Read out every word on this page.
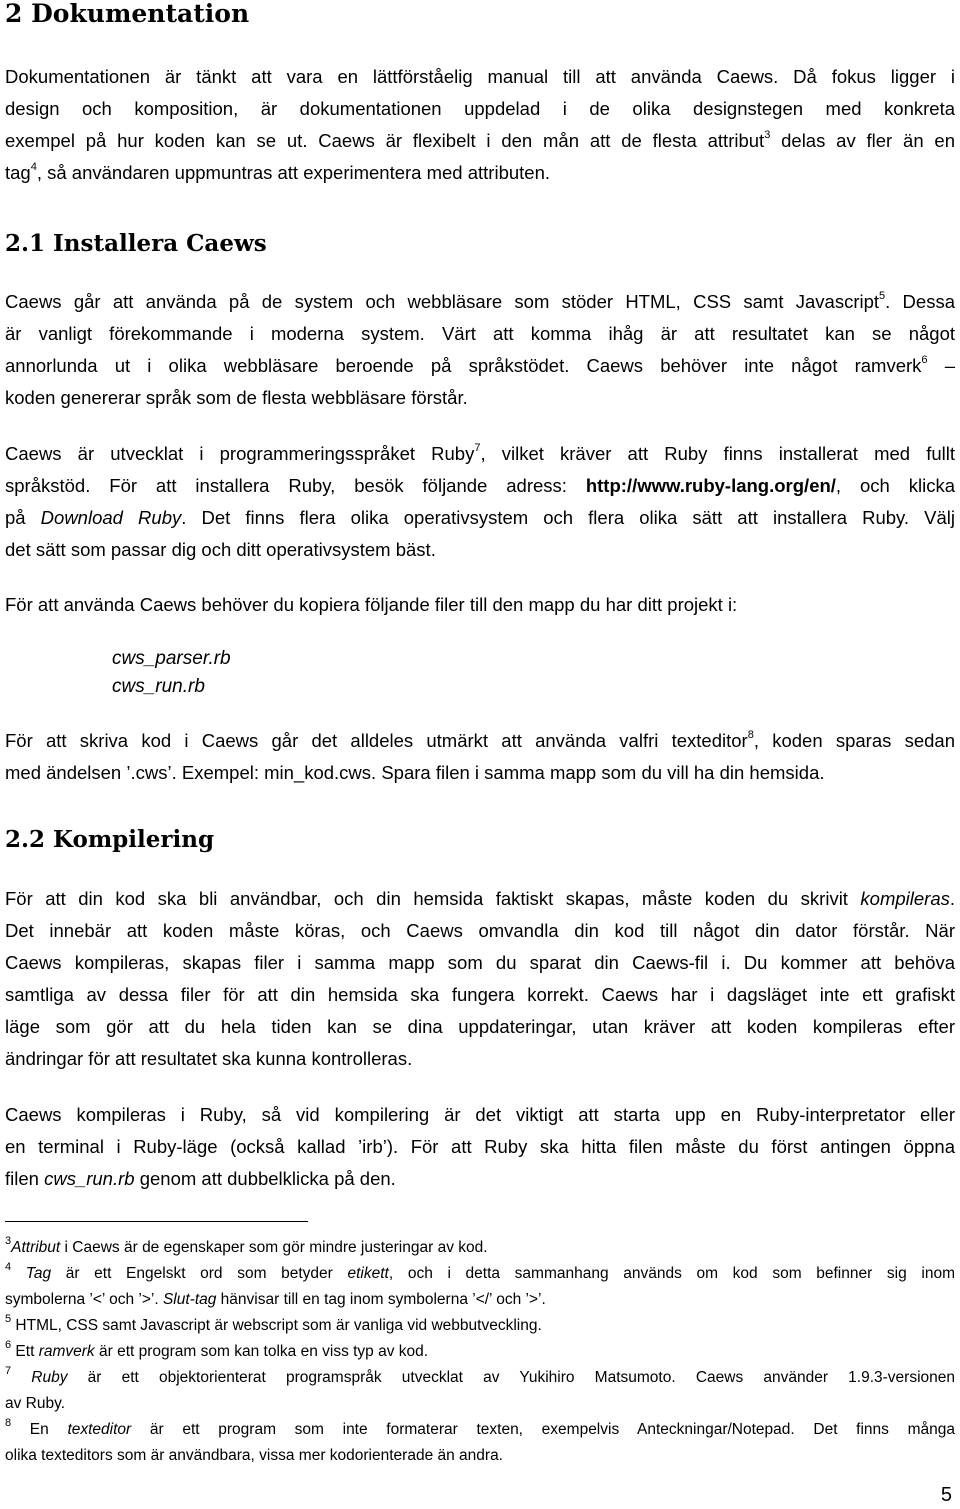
2 Dokumentation
Dokumentationen är tänkt att vara en lättförståelig manual till att använda Caews. Då fokus ligger i
design och komposition, är dokumentationen uppdelad i de olika designstegen med konkreta
exempel på hur koden kan se ut. Caews är flexibelt i den mån att de flesta attribut$^3$ delas av fler än en
tag$^4$, så användaren uppmuntras att experimentera med attributen.
2.1 Installera Caews
Caews går att använda på de system och webbläsare som stöder HTML, CSS samt Javascript$^5$. Dessa
är vanligt förekommande i moderna system. Värt att komma ihåg är att resultatet kan se något
annorlunda ut i olika webbläsare beroende på språkstödet. Caews behöver inte något ramverk$^6$ –
koden genererar språk som de flesta webbläsare förstår.
Caews är utvecklat i programmeringsspråket Ruby$^7$, vilket kräver att Ruby finns installerat med fullt
språkstöd. För att installera Ruby, besök följande adress: http://www.ruby-lang.org/en/, och klicka
på Download Ruby. Det finns flera olika operativsystem och flera olika sätt att installera Ruby. Välj
det sätt som passar dig och ditt operativsystem bäst.
För att använda Caews behöver du kopiera följande filer till den mapp du har ditt projekt i:
cws_parser.rb
cws_run.rb
För att skriva kod i Caews går det alldeles utmärkt att använda valfri texteditor$^8$, koden sparas sedan
med ändelsen ’.cws’. Exempel: min_kod.cws. Spara filen i samma mapp som du vill ha din hemsida.
2.2 Kompilering
För att din kod ska bli användbar, och din hemsida faktiskt skapas, måste koden du skrivit kompileras.
Det innebär att koden måste köras, och Caews omvandla din kod till något din dator förstår. När
Caews kompileras, skapas filer i samma mapp som du sparat din Caews-fil i. Du kommer att behöva
samtliga av dessa filer för att din hemsida ska fungera korrekt. Caews har i dagsläget inte ett grafiskt
läge som gör att du hela tiden kan se dina uppdateringar, utan kräver att koden kompileras efter
ändringar för att resultatet ska kunna kontrolleras.
Caews kompileras i Ruby, så vid kompilering är det viktigt att starta upp en Ruby-interpretator eller
en terminal i Ruby-läge (också kallad ’irb’). För att Ruby ska hitta filen måste du först antingen öppna
filen cws_run.rb genom att dubbelklicka på den.
$^3$Attribut i Caews är de egenskaper som gör mindre justeringar av kod.
$^4$ Tag är ett Engelskt ord som betyder etikett, och i detta sammanhang används om kod som befinner sig inom
symbolerna ’<’ och ’>’. Slut-tag hänvisar till en tag inom symbolerna ’</’ och ’>’.
$^5$ HTML, CSS samt Javascript är webscript som är vanliga vid webbutveckling.
$^6$ Ett ramverk är ett program som kan tolka en viss typ av kod.
$^7$ Ruby är ett objektorienterat programspråk utvecklat av Yukihiro Matsumoto. Caews använder 1.9.3-versionen
av Ruby.
$^8$ En texteditor är ett program som inte formaterar texten, exempelvis Anteckningar/Notepad. Det finns många
olika texteditors som är användbara, vissa mer kodorienterade än andra.
5
